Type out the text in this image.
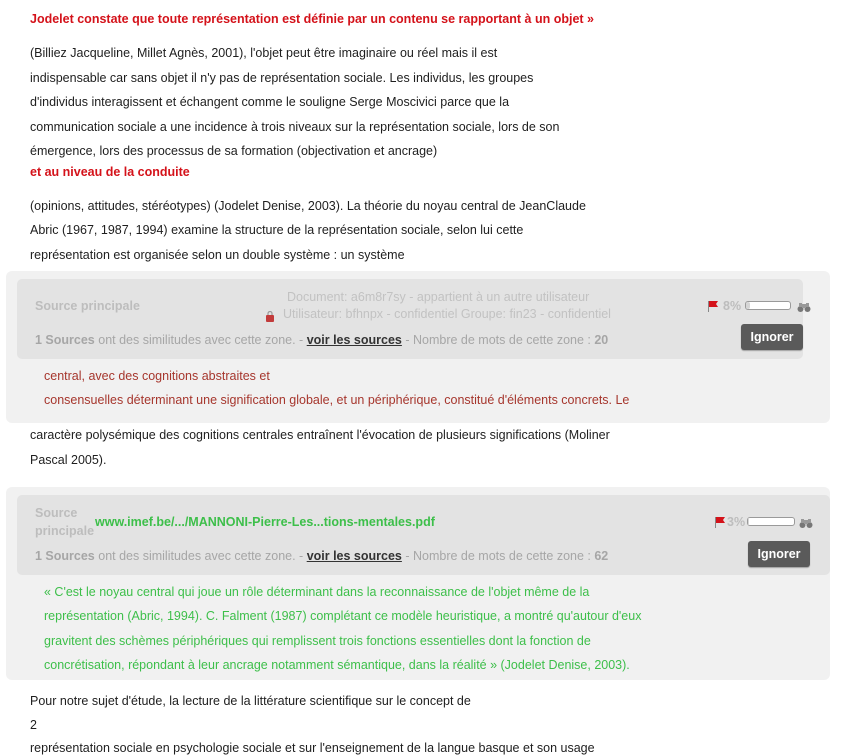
Jodelet constate que toute représentation est définie par un contenu se rapportant à un objet »
(Billiez Jacqueline, Millet Agnès, 2001), l'objet peut être imaginaire ou réel mais il est
indispensable car sans objet il n'y pas de représentation sociale. Les individus, les groupes
d'individus interagissent et échangent comme le souligne Serge Moscivici parce que la
communication sociale a une incidence à trois niveaux sur la représentation sociale, lors de son
émergence, lors des processus de sa formation (objectivation et ancrage)
et au niveau de la conduite
(opinions, attitudes, stéréotypes) (Jodelet Denise, 2003). La théorie du noyau central de JeanClaude
Abric (1967, 1987, 1994) examine la structure de la représentation sociale, selon lui cette
représentation est organisée selon un double système : un système
Source principale
Document: a6m8r7sy - appartient à un autre utilisateur
Utilisateur: bfhnpx - confidentiel Groupe: fin23 - confidentiel
8%
1 Sources ont des similitudes avec cette zone. - voir les sources - Nombre de mots de cette zone : 20	Ignorer
central, avec des cognitions abstraites et
consensuelles déterminant une signification globale, et un périphérique, constitué d'éléments concrets. Le
caractère polysémique des cognitions centrales entraînent l'évocation de plusieurs significations (Moliner
Pascal 2005).
Source
principale
www.imef.be/.../MANNONI-Pierre-Les...tions-mentales.pdf	3%
1 Sources ont des similitudes avec cette zone. - voir les sources - Nombre de mots de cette zone : 62	Ignorer
« C'est le noyau central qui joue un rôle déterminant dans la reconnaissance de l'objet même de la
représentation (Abric, 1994). C. Falment (1987) complétant ce modèle heuristique, a montré qu'autour d'eux
gravitent des schèmes périphériques qui remplissent trois fonctions essentielles dont la fonction de
concrétisation, répondant à leur ancrage notamment sémantique, dans la réalité » (Jodelet Denise, 2003).
Pour notre sujet d'étude, la lecture de la littérature scientifique sur le concept de
2
représentation sociale en psychologie sociale et sur l'enseignement de la langue basque et son usage
